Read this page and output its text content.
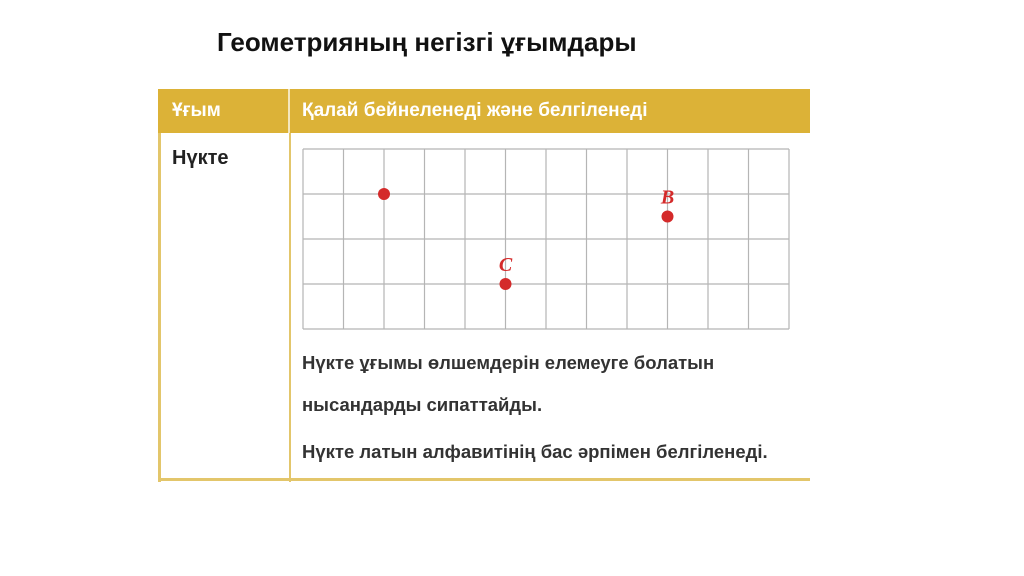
Геометрияның негізгі ұғымдары
Ұғым	Қалай бейнеленеді және белгіленеді
Нүкте
B
C
Нүкте ұғымы өлшемдерін елемеуге болатын
нысандарды сипаттайды.
Нүкте латын алфавитінің бас әрпімен белгіленеді.
